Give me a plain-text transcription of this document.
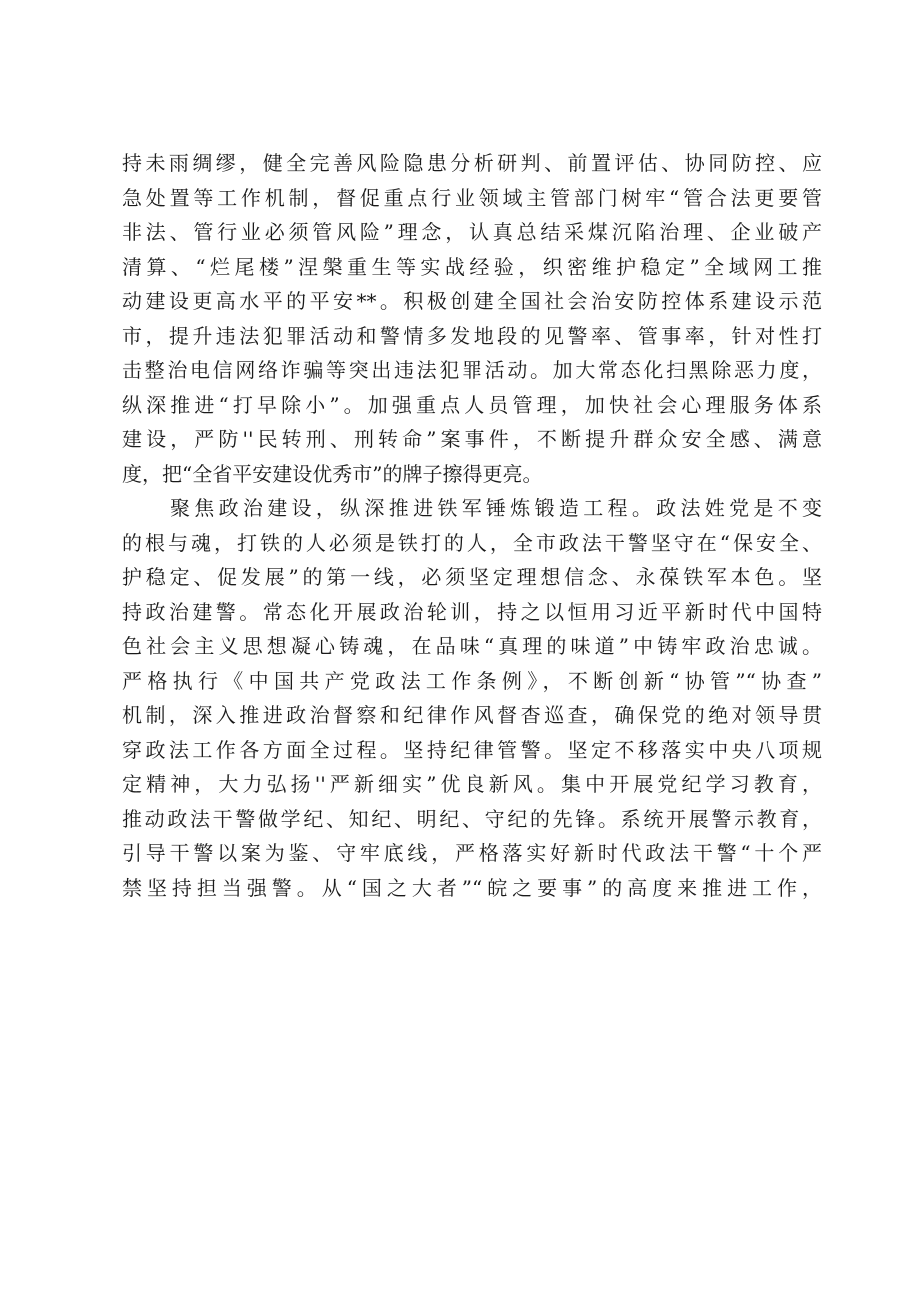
持未雨绸缪，健全完善风险隐患分析研判、前置评估、协同防控、应
急处置等工作机制，督促重点行业领域主管部门树牢“管合法更要管
非法、管行业必须管风险”理念，认真总结采煤沉陷治理、企业破产
清算、“烂尾楼”涅槃重生等实战经验，织密维护稳定”全域网工推
动建设更高水平的平安**。积极创建全国社会治安防控体系建设示范
市，提升违法犯罪活动和警情多发地段的见警率、管事率，针对性打
击整治电信网络诈骗等突出违法犯罪活动。加大常态化扫黑除恶力度，
纵深推进“打早除小”。加强重点人员管理，加快社会心理服务体系
建设，严防''民转刑、刑转命”案事件，不断提升群众安全感、满意
度，把“全省平安建设优秀市”的牌子擦得更亮。
聚焦政治建设，纵深推进铁军锤炼锻造工程。政法姓党是不变
的根与魂，打铁的人必须是铁打的人，全市政法干警坚守在“保安全、
护稳定、促发展”的第一线，必须坚定理想信念、永葆铁军本色。坚
持政治建警。常态化开展政治轮训，持之以恒用习近平新时代中国特
色社会主义思想凝心铸魂，在品味“真理的味道”中铸牢政治忠诚。
严格执行《中国共产党政法工作条例》，不断创新“协管”“协查”
机制，深入推进政治督察和纪律作风督杳巡查，确保党的绝对领导贯
穿政法工作各方面全过程。坚持纪律管警。坚定不移落实中央八项规
定精神，大力弘扬''严新细实”优良新风。集中开展党纪学习教育，
推动政法干警做学纪、知纪、明纪、守纪的先锋。系统开展警示教育，
引导干警以案为鉴、守牢底线，严格落实好新时代政法干警“十个严
禁坚持担当强警。从“国之大者”“皖之要事”的高度来推进工作，
